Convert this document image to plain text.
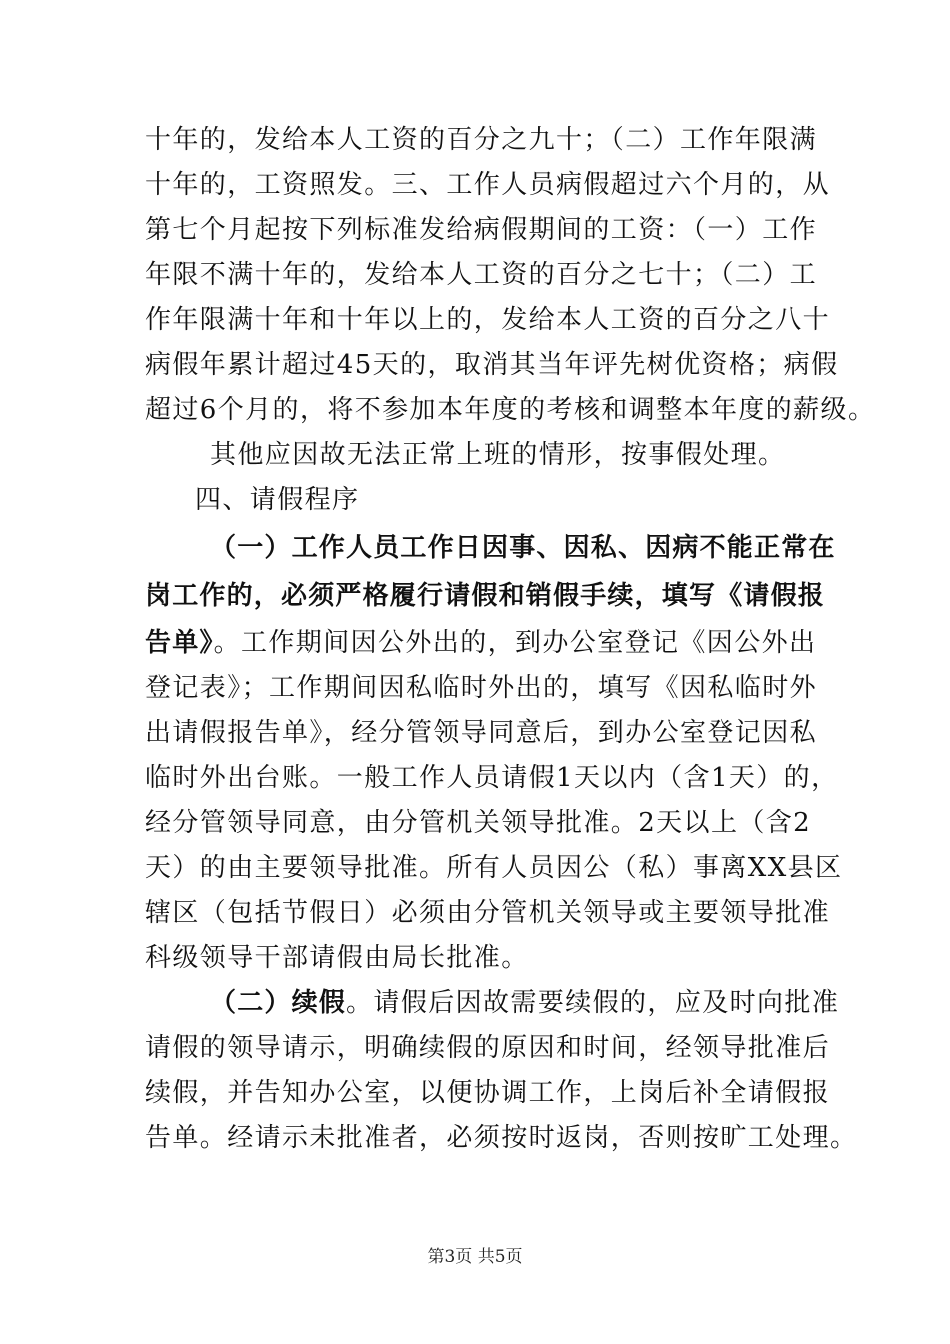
十年的，发给本人工资的百分之九十；（二）工作年限满
十年的，工资照发。三、工作人员病假超过六个月的，从
第七个月起按下列标准发给病假期间的工资：（一）工作
年限不满十年的，发给本人工资的百分之七十；（二）工
作年限满十年和十年以上的，发给本人工资的百分之八十
病假年累计超过45天的，取消其当年评先树优资格；病假
超过6个月的，将不参加本年度的考核和调整本年度的薪级。
其他应因故无法正常上班的情形，按事假处理。
四、请假程序
（一）工作人员工作日因事、因私、因病不能正常在
岗工作的，必须严格履行请假和销假手续，填写《请假报
告单》。工作期间因公外出的，到办公室登记《因公外出
登记表》；工作期间因私临时外出的，填写《因私临时外
出请假报告单》，经分管领导同意后，到办公室登记因私
临时外出台账。一般工作人员请假1天以内（含1天）的，
经分管领导同意，由分管机关领导批准。2天以上（含2
天）的由主要领导批准。所有人员因公（私）事离XX县区
辖区（包括节假日）必须由分管机关领导或主要领导批准
科级领导干部请假由局长批准。
（二）续假。请假后因故需要续假的，应及时向批准
请假的领导请示，明确续假的原因和时间，经领导批准后
续假，并告知办公室，以便协调工作，上岗后补全请假报
告单。经请示未批准者，必须按时返岗，否则按旷工处理。
第3页 共5页
